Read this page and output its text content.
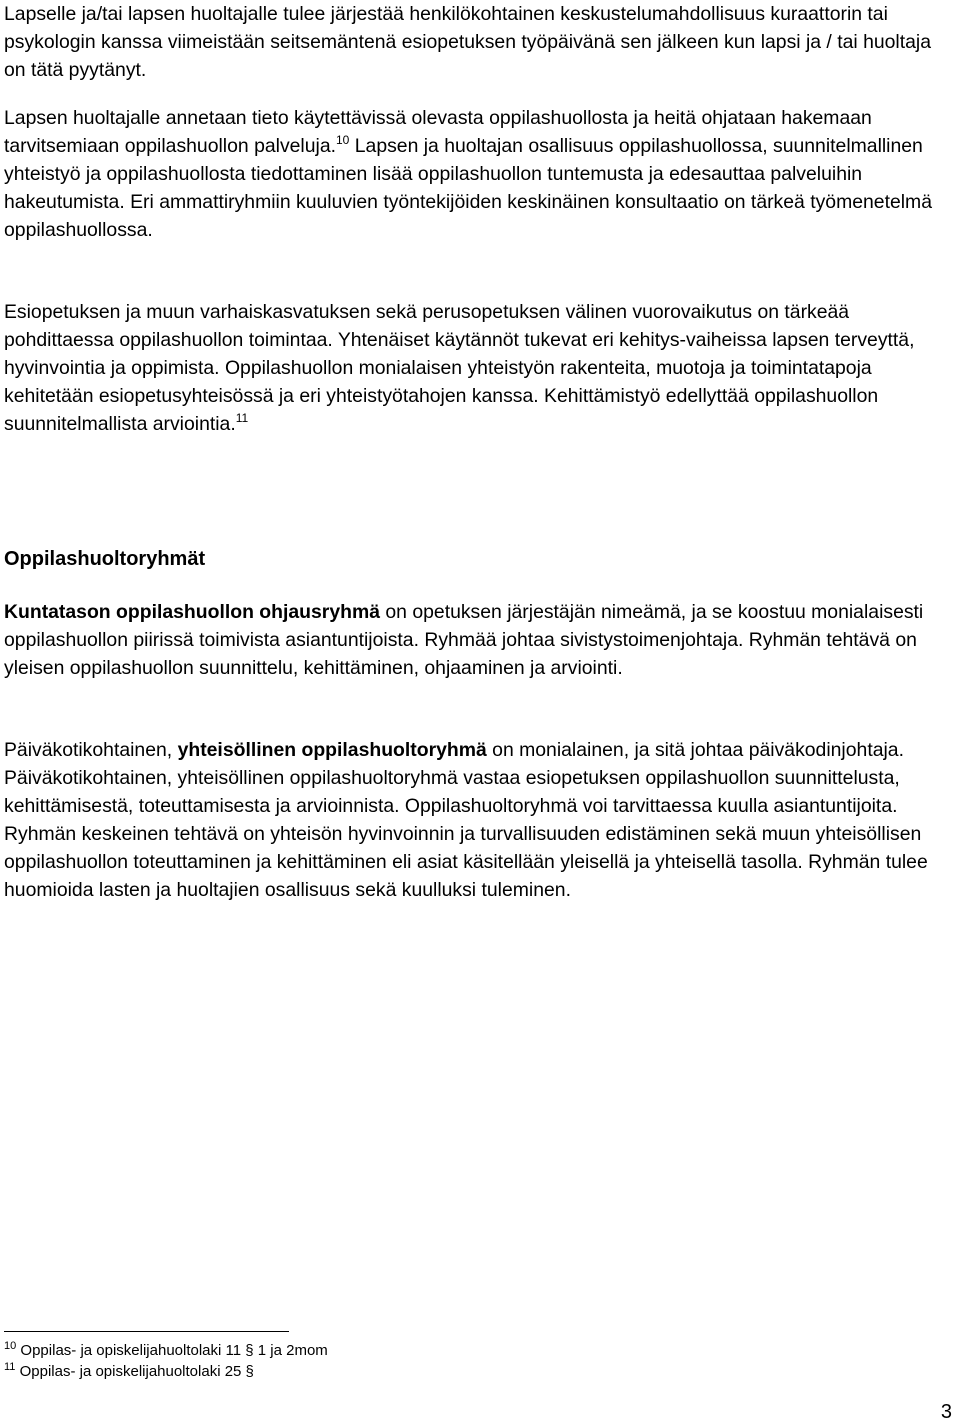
Lapselle ja/tai lapsen huoltajalle tulee järjestää henkilökohtainen keskustelumahdollisuus kuraattorin tai psykologin kanssa viimeistään seitsemäntenä esiopetuksen työpäivänä sen jälkeen kun lapsi ja / tai huoltaja on tätä pyytänyt.

Lapsen huoltajalle annetaan tieto käytettävissä olevasta oppilashuollosta ja heitä ohjataan hakemaan tarvitsemiaan oppilashuollon palveluja.$^{10}$ Lapsen ja huoltajan osallisuus oppilashuollossa, suunnitelmallinen yhteistyö ja oppilashuollosta tiedottaminen lisää oppilashuollon tuntemusta ja edesauttaa palveluihin hakeutumista. Eri ammattiryhmiin kuuluvien työntekijöiden keskinäinen konsultaatio on tärkeä työmenetelmä oppilashuollossa.

Esiopetuksen ja muun varhaiskasvatuksen sekä perusopetuksen välinen vuorovaikutus on tärkeää pohdittaessa oppilashuollon toimintaa. Yhtenäiset käytännöt tukevat eri kehitys-vaiheissa lapsen terveyttä, hyvinvointia ja oppimista. Oppilashuollon monialaisen yhteistyön rakenteita, muotoja ja toimintatapoja kehitetään esiopetusyhteisössä ja eri yhteistyötahojen kanssa. Kehittämistyö edellyttää oppilashuollon suunnitelmallista arviointia.$^{11}$

Oppilashuoltoryhmät

Kuntatason oppilashuollon ohjausryhmä on opetuksen järjestäjän nimeämä, ja se koostuu monialaisesti oppilashuollon piirissä toimivista asiantuntijoista. Ryhmää johtaa sivistystoimenjohtaja. Ryhmän tehtävä on yleisen oppilashuollon suunnittelu, kehittäminen, ohjaaminen ja arviointi.

Päiväkotikohtainen, yhteisöllinen oppilashuoltoryhmä on monialainen, ja sitä johtaa päiväkodinjohtaja. Päiväkotikohtainen, yhteisöllinen oppilashuoltoryhmä vastaa esiopetuksen oppilashuollon suunnittelusta, kehittämisestä, toteuttamisesta ja arvioinnista. Oppilashuoltoryhmä voi tarvittaessa kuulla asiantuntijoita. Ryhmän keskeinen tehtävä on yhteisön hyvinvoinnin ja turvallisuuden edistäminen sekä muun yhteisöllisen oppilashuollon toteuttaminen ja kehittäminen eli asiat käsitellään yleisellä ja yhteisellä tasolla. Ryhmän tulee huomioida lasten ja huoltajien osallisuus sekä kuulluksi tuleminen.

$^{10}$ Oppilas- ja opiskelijahuoltolaki 11 § 1 ja 2mom
$^{11}$ Oppilas- ja opiskelijahuoltolaki 25 §
3
